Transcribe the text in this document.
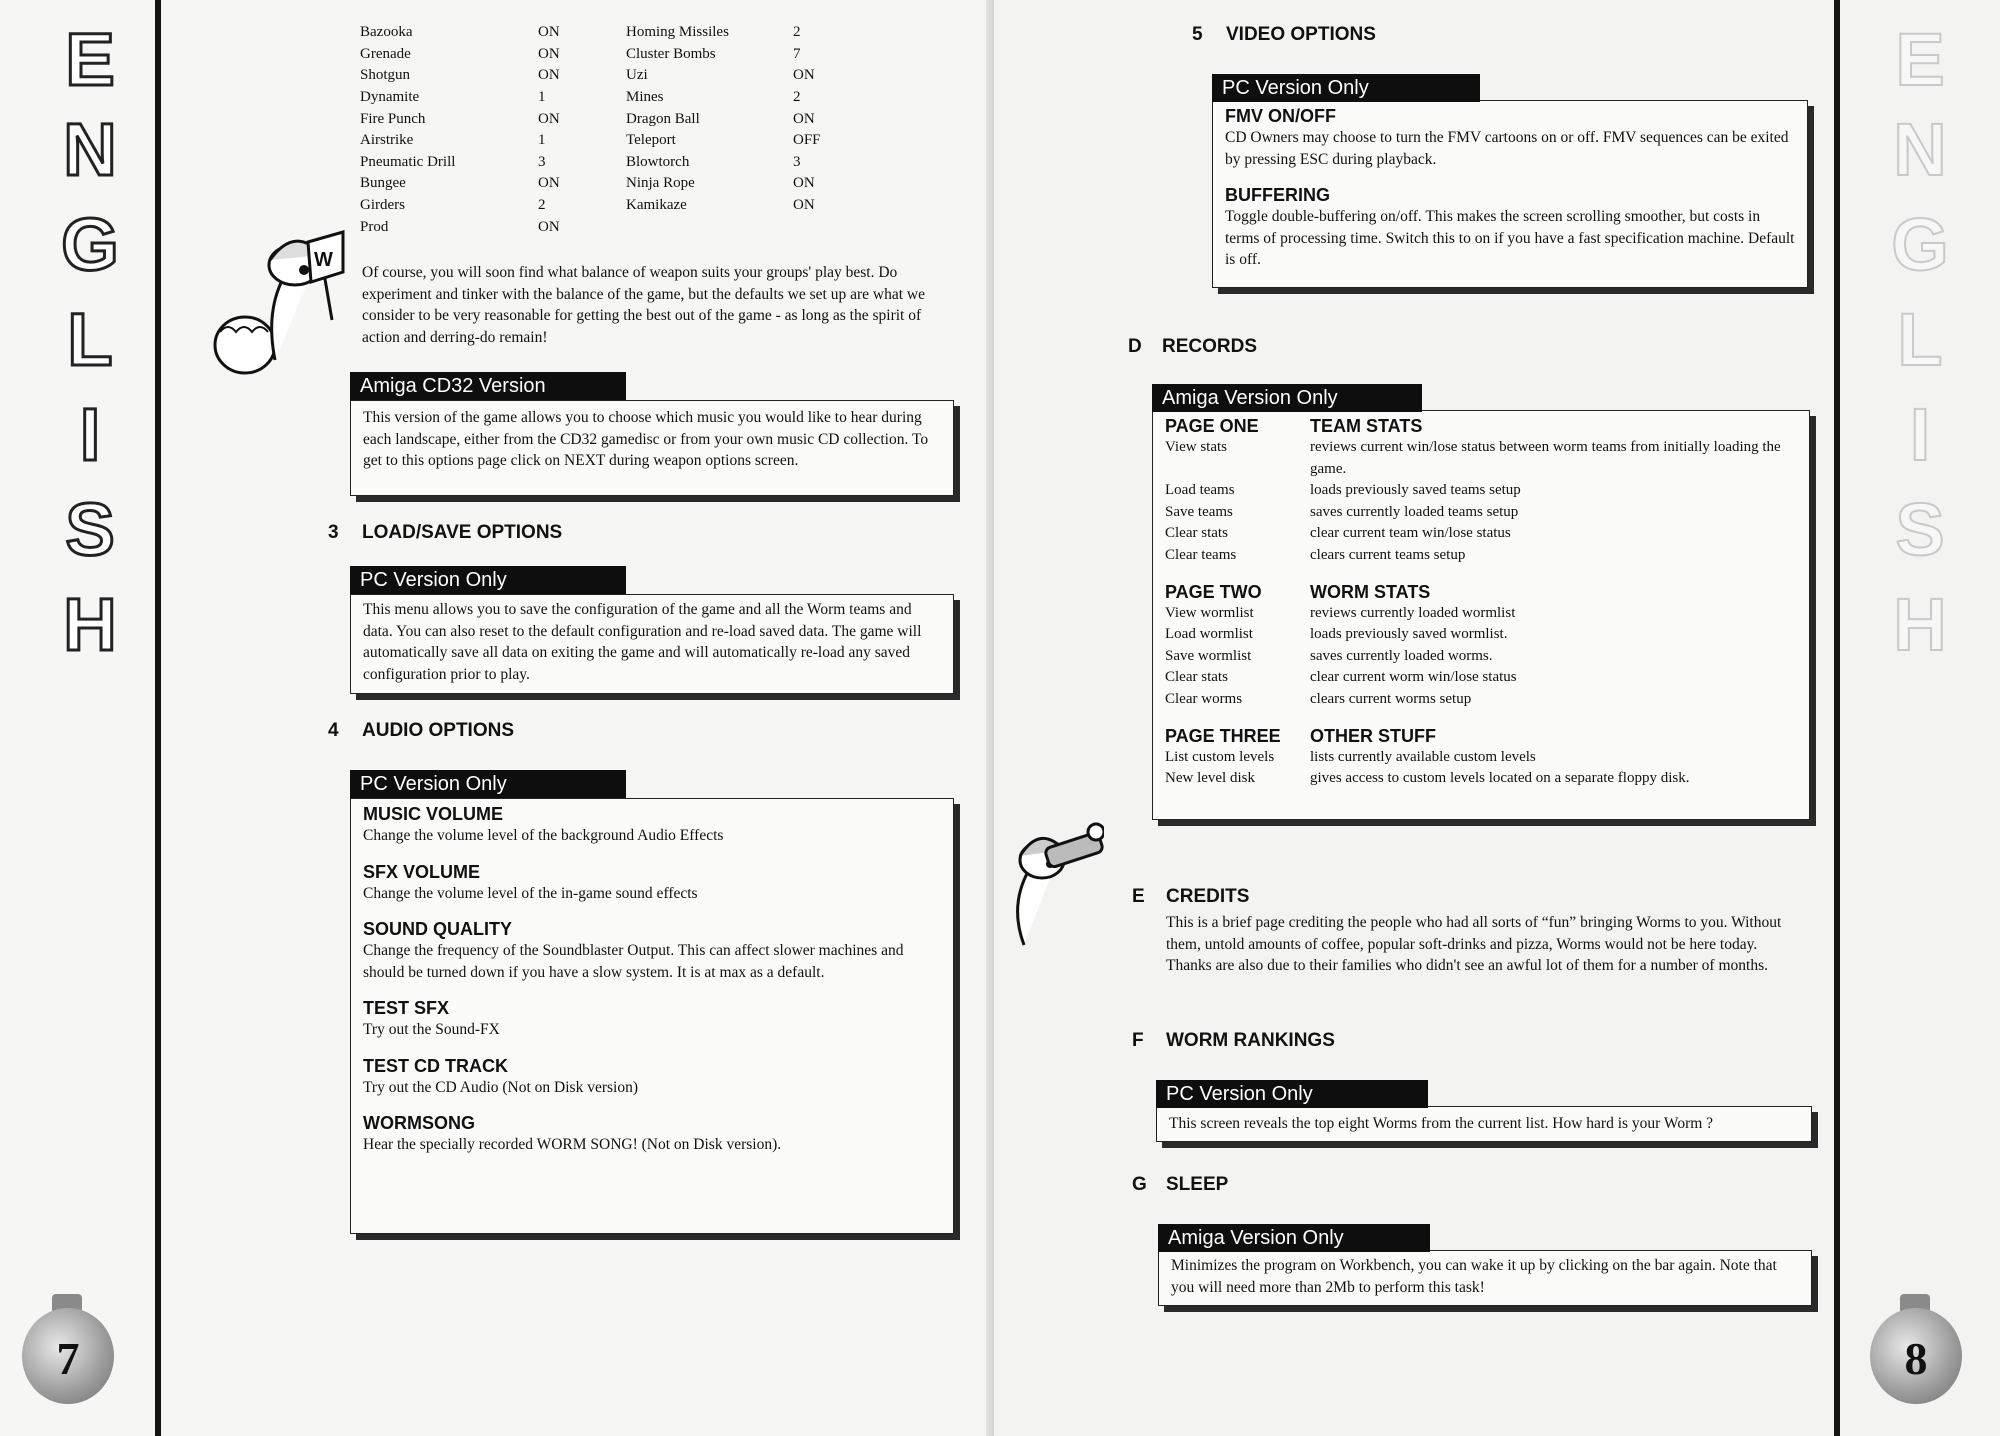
E
N
G
L
I
S
H
7
Bazooka	ON	Homing Missiles	2
Grenade	ON	Cluster Bombs	7
Shotgun	ON	Uzi	ON
Dynamite	1	Mines	2
Fire Punch	ON	Dragon Ball	ON
Airstrike	1	Teleport	OFF
Pneumatic Drill	3	Blowtorch	3
Bungee	ON	Ninja Rope	ON
Girders	2	Kamikaze	ON
Prod	ON
W
Of course, you will soon find what balance of weapon suits your groups' play best. Do experiment and tinker with the balance of the game, but the defaults we set up are what we consider to be very reasonable for getting the best out of the game - as long as the spirit of action and derring-do remain!
This version of the game allows you to choose which music you would like to hear during each landscape, either from the CD32 gamedisc or from your own music CD collection. To get to this options page click on NEXT during weapon options screen.
Amiga CD32 Version
3 LOAD/SAVE OPTIONS
This menu allows you to save the configuration of the game and all the Worm teams and data. You can also reset to the default configuration and re-load saved data. The game will automatically save all data on exiting the game and will automatically re-load any saved configuration prior to play.
PC Version Only
4 AUDIO OPTIONS
MUSIC VOLUME
Change the volume level of the background Audio Effects
SFX VOLUME
Change the volume level of the in-game sound effects
SOUND QUALITY
Change the frequency of the Soundblaster Output. This can affect slower machines and should be turned down if you have a slow system. It is at max as a default.
TEST SFX
Try out the Sound-FX
TEST CD TRACK
Try out the CD Audio (Not on Disk version)
WORMSONG
Hear the specially recorded WORM SONG! (Not on Disk version).
PC Version Only
E
N
G
L
I
S
H
8
5 VIDEO OPTIONS
FMV ON/OFF
CD Owners may choose to turn the FMV cartoons on or off. FMV sequences can be exited by pressing ESC during playback.
BUFFERING
Toggle double-buffering on/off. This makes the screen scrolling smoother, but costs in terms of processing time. Switch this to on if you have a fast specification machine. Default is off.
PC Version Only
D RECORDS
PAGE ONE	TEAM STATS
View stats	reviews current win/lose status between worm teams from initially loading the game.
Load teams	loads previously saved teams setup
Save teams	saves currently loaded teams setup
Clear stats	clear current team win/lose status
Clear teams	clears current teams setup
PAGE TWO	WORM STATS
View wormlist	reviews currently loaded wormlist
Load wormlist	loads previously saved wormlist.
Save wormlist	saves currently loaded worms.
Clear stats	clear current worm win/lose status
Clear worms	clears current worms setup
PAGE THREE	OTHER STUFF
List custom levels	lists currently available custom levels
New level disk	gives access to custom levels located on a separate floppy disk.
Amiga Version Only
E CREDITS
This is a brief page crediting the people who had all sorts of “fun” bringing Worms to you. Without them, untold amounts of coffee, popular soft-drinks and pizza, Worms would not be here today. Thanks are also due to their families who didn't see an awful lot of them for a number of months.
F WORM RANKINGS
This screen reveals the top eight Worms from the current list. How hard is your Worm ?
PC Version Only
G SLEEP
Minimizes the program on Workbench, you can wake it up by clicking on the bar again. Note that you will need more than 2Mb to perform this task!
Amiga Version Only
